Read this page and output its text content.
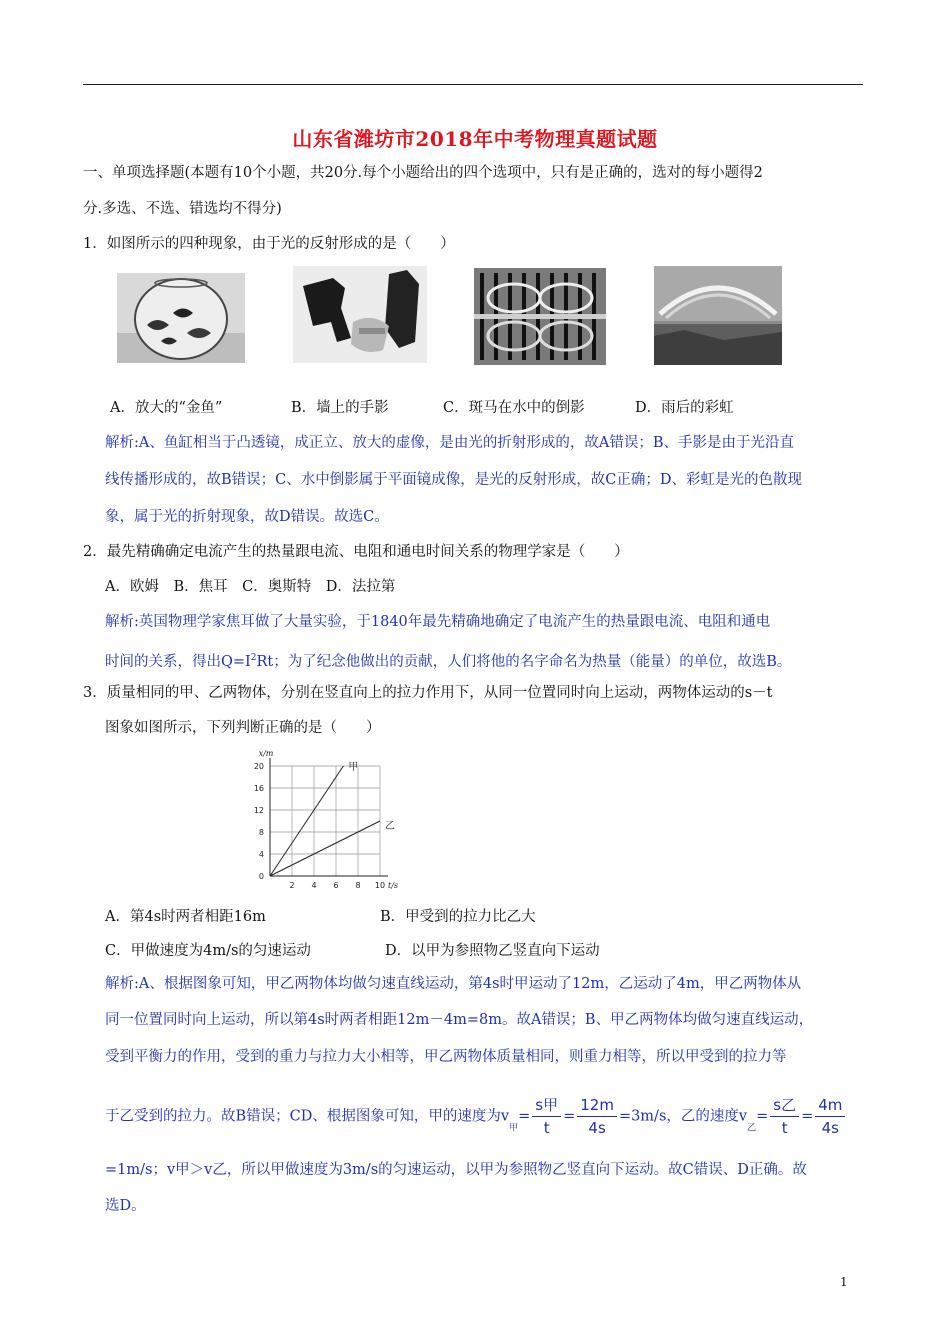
山东省潍坊市2018年中考物理真题试题
一、单项选择题(本题有10个小题，共20分.每个小题给出的四个选项中，只有是正确的，选对的每小题得2
分.多选、不选、错选均不得分)
1．如图所示的四种现象，由于光的反射形成的是（　　）
A．放大的“金鱼”	B．墙上的手影	C．斑马在水中的倒影	D．雨后的彩虹
解析:A、鱼缸相当于凸透镜，成正立、放大的虚像，是由光的折射形成的，故A错误；B、手影是由于光沿直
线传播形成的，故B错误；C、水中倒影属于平面镜成像，是光的反射形成，故C正确；D、彩虹是光的色散现
象，属于光的折射现象，故D错误。故选C。
2．最先精确确定电流产生的热量跟电流、电阻和通电时间关系的物理学家是（　　）
A．欧姆　B．焦耳　C．奥斯特　D．法拉第
解析:英国物理学家焦耳做了大量实验，于1840年最先精确地确定了电流产生的热量跟电流、电阻和通电
时间的关系，得出$Q=I^2Rt$；为了纪念他做出的贡献，人们将他的名字命名为热量（能量）的单位，故选B。
3．质量相同的甲、乙两物体，分别在竖直向上的拉力作用下，从同一位置同时向上运动，两物体运动的s－t
图象如图所示，下列判断正确的是（　　）
2 4 6 8 10
0
4
8
12
16
20
x/m
t/s
甲
乙
A．第4s时两者相距16m	B．甲受到的拉力比乙大
C．甲做速度为4m/s的匀速运动	D．以甲为参照物乙竖直向下运动
解析:A、根据图象可知，甲乙两物体均做匀速直线运动，第4s时甲运动了12m，乙运动了4m，甲乙两物体从
同一位置同时向上运动，所以第4s时两者相距12m－4m=8m。故A错误；B、甲乙两物体均做匀速直线运动，
受到平衡力的作用，受到的重力与拉力大小相等，甲乙两物体质量相同，则重力相等，所以甲受到的拉力等
于乙受到的拉力。故B错误；CD、根据图象可知，甲的速度为$v_甲= \frac{\text{s甲}}{t} = \frac{12m}{4s} =3m/s$，乙的速度$v_乙= \frac{\text{s乙}}{t} = \frac{4m}{4s}$
=1m/s；v甲＞v乙，所以甲做速度为3m/s的匀速运动，以甲为参照物乙竖直向下运动。故C错误、D正确。故
选D。
1
